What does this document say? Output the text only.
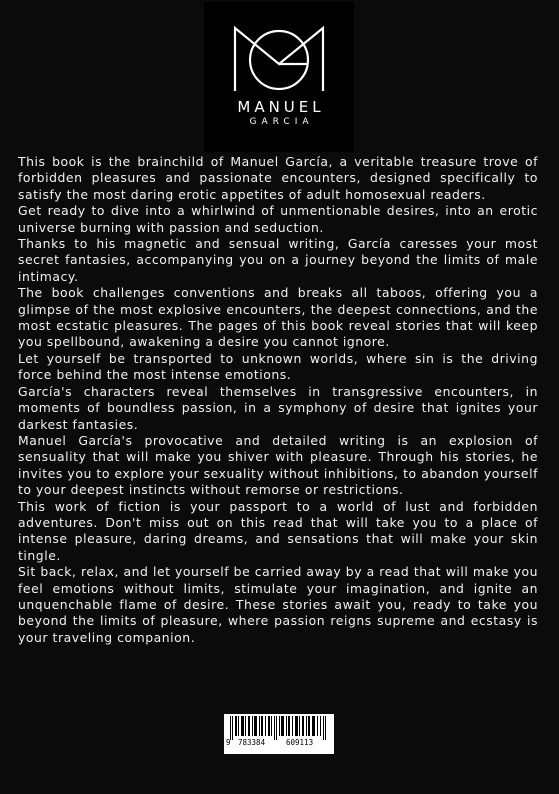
MANUEL
GARCIA

This book is the brainchild of Manuel García, a veritable treasure trove of forbidden pleasures and passionate encounters, designed specifically to satisfy the most daring erotic appetites of adult homosexual readers.

Get ready to dive into a whirlwind of unmentionable desires, into an erotic universe burning with passion and seduction.

Thanks to his magnetic and sensual writing, García caresses your most secret fantasies, accompanying you on a journey beyond the limits of male intimacy.

The book challenges conventions and breaks all taboos, offering you a glimpse of the most explosive encounters, the deepest connections, and the most ecstatic pleasures. The pages of this book reveal stories that will keep you spellbound, awakening a desire you cannot ignore.

Let yourself be transported to unknown worlds, where sin is the driving force behind the most intense emotions.

García's characters reveal themselves in transgressive encounters, in moments of boundless passion, in a symphony of desire that ignites your darkest fantasies.

Manuel García's provocative and detailed writing is an explosion of sensuality that will make you shiver with pleasure. Through his stories, he invites you to explore your sexuality without inhibitions, to abandon yourself to your deepest instincts without remorse or restrictions.

This work of fiction is your passport to a world of lust and forbidden adventures. Don't miss out on this read that will take you to a place of intense pleasure, daring dreams, and sensations that will make your skin tingle.

Sit back, relax, and let yourself be carried away by a read that will make you feel emotions without limits, stimulate your imagination, and ignite an unquenchable flame of desire. These stories await you, ready to take you beyond the limits of pleasure, where passion reigns supreme and ecstasy is your traveling companion.

9 783384	609113
